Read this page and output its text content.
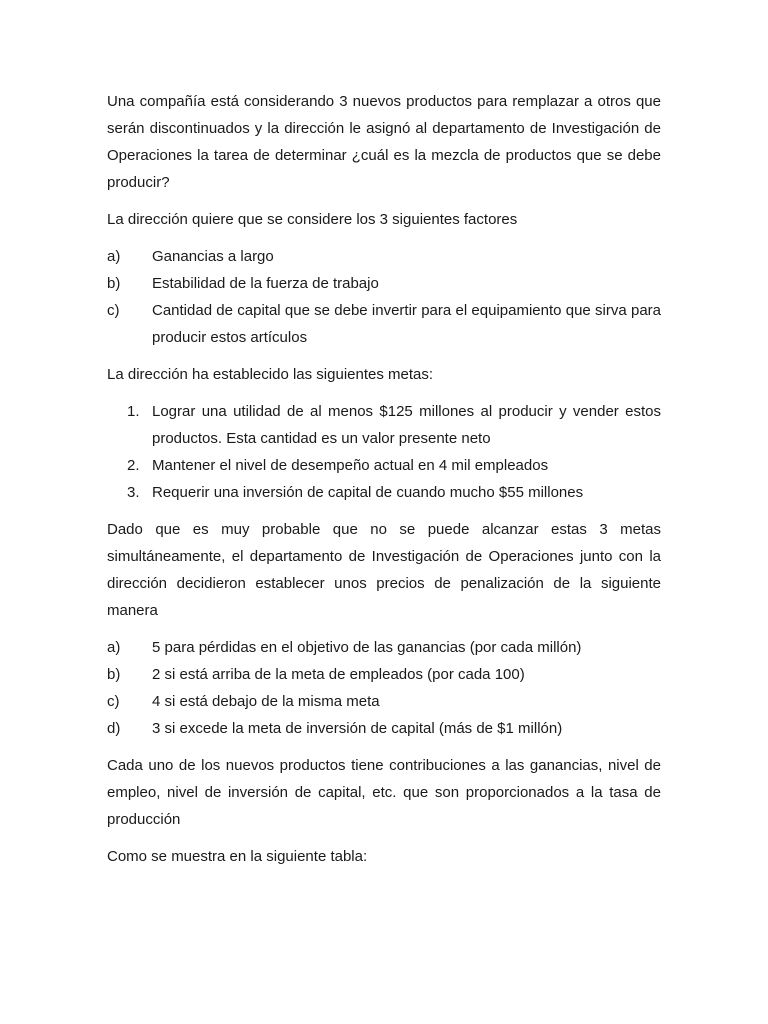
Una compañía está considerando 3 nuevos productos para remplazar a otros que serán discontinuados y la dirección le asignó al departamento de Investigación de Operaciones la tarea de determinar ¿cuál es la mezcla de productos que se debe producir?

La dirección quiere que se considere los 3 siguientes factores

a)	Ganancias a largo
b)	Estabilidad de la fuerza de trabajo
c)	Cantidad de capital que se debe invertir para el equipamiento que sirva para producir estos artículos

La dirección ha establecido las siguientes metas:

1. Lograr una utilidad de al menos $125 millones al producir y vender estos productos. Esta cantidad es un valor presente neto
2. Mantener el nivel de desempeño actual en 4 mil empleados
3. Requerir una inversión de capital de cuando mucho $55 millones

Dado que es muy probable que no se puede alcanzar estas 3 metas simultáneamente, el departamento de Investigación de Operaciones junto con la dirección decidieron establecer unos precios de penalización de la siguiente manera

a)	5 para pérdidas en el objetivo de las ganancias (por cada millón)
b)	2 si está arriba de la meta de empleados (por cada 100)
c)	4 si está debajo de la misma meta
d)	3 si excede la meta de inversión de capital (más de $1 millón)

Cada uno de los nuevos productos tiene contribuciones a las ganancias, nivel de empleo, nivel de inversión de capital, etc. que son proporcionados a la tasa de producción

Como se muestra en la siguiente tabla:
